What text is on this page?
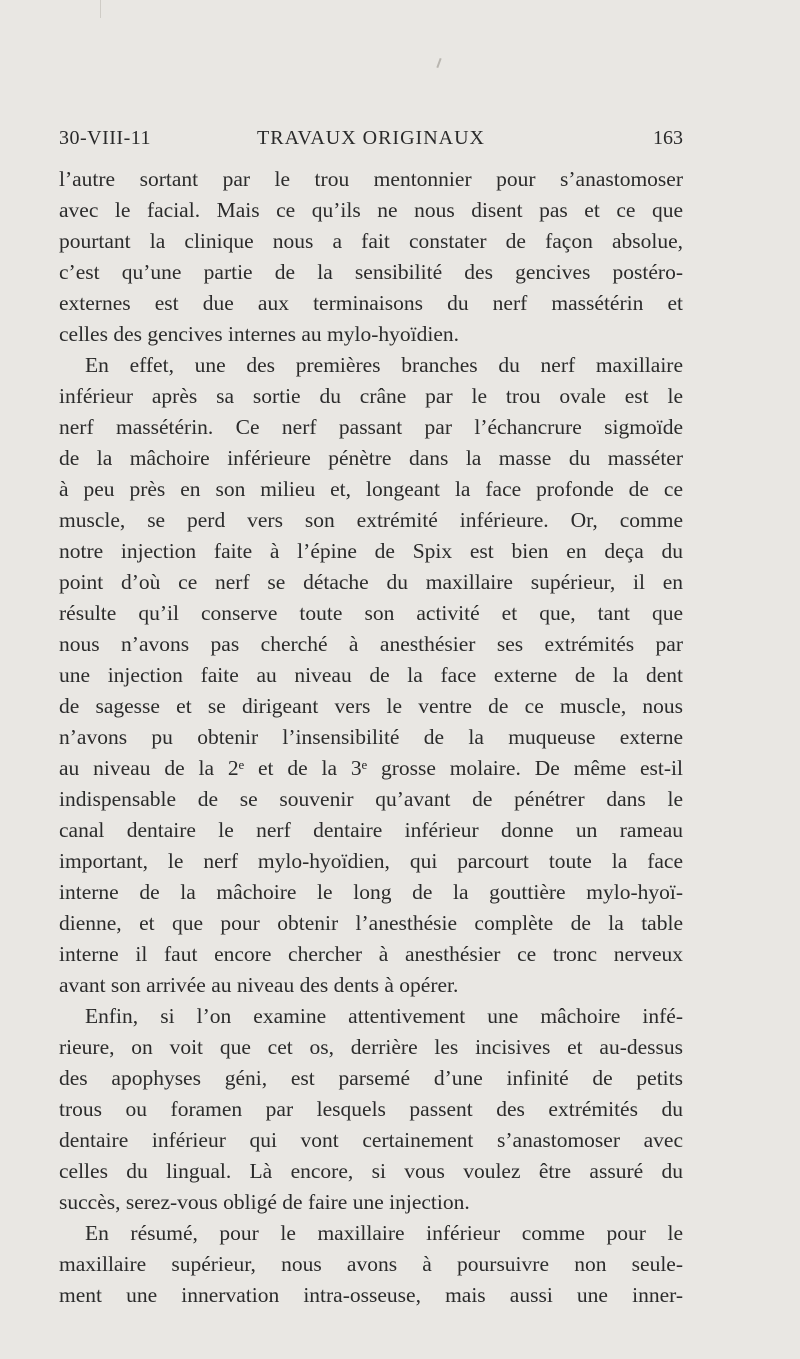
30-VIII-11	TRAVAUX ORIGINAUX	163
l’autre sortant par le trou mentonnier pour s’anastomoser
avec le facial. Mais ce qu’ils ne nous disent pas et ce que
pourtant la clinique nous a fait constater de façon absolue,
c’est qu’une partie de la sensibilité des gencives postéro-
externes est due aux terminaisons du nerf massétérin et
celles des gencives internes au mylo-hyoïdien.
En effet, une des premières branches du nerf maxillaire
inférieur après sa sortie du crâne par le trou ovale est le
nerf massétérin. Ce nerf passant par l’échancrure sigmoïde
de la mâchoire inférieure pénètre dans la masse du masséter
à peu près en son milieu et, longeant la face profonde de ce
muscle, se perd vers son extrémité inférieure. Or, comme
notre injection faite à l’épine de Spix est bien en deça du
point d’où ce nerf se détache du maxillaire supérieur, il en
résulte qu’il conserve toute son activité et que, tant que
nous n’avons pas cherché à anesthésier ses extrémités par
une injection faite au niveau de la face externe de la dent
de sagesse et se dirigeant vers le ventre de ce muscle, nous
n’avons pu obtenir l’insensibilité de la muqueuse externe
au niveau de la 2ᵉ et de la 3ᵉ grosse molaire. De même est-il
indispensable de se souvenir qu’avant de pénétrer dans le
canal dentaire le nerf dentaire inférieur donne un rameau
important, le nerf mylo-hyoïdien, qui parcourt toute la face
interne de la mâchoire le long de la gouttière mylo-hyoï-
dienne, et que pour obtenir l’anesthésie complète de la table
interne il faut encore chercher à anesthésier ce tronc nerveux
avant son arrivée au niveau des dents à opérer.
Enfin, si l’on examine attentivement une mâchoire infé-
rieure, on voit que cet os, derrière les incisives et au-dessus
des apophyses géni, est parsemé d’une infinité de petits
trous ou foramen par lesquels passent des extrémités du
dentaire inférieur qui vont certainement s’anastomoser avec
celles du lingual. Là encore, si vous voulez être assuré du
succès, serez-vous obligé de faire une injection.
En résumé, pour le maxillaire inférieur comme pour le
maxillaire supérieur, nous avons à poursuivre non seule-
ment une innervation intra-osseuse, mais aussi une inner-
